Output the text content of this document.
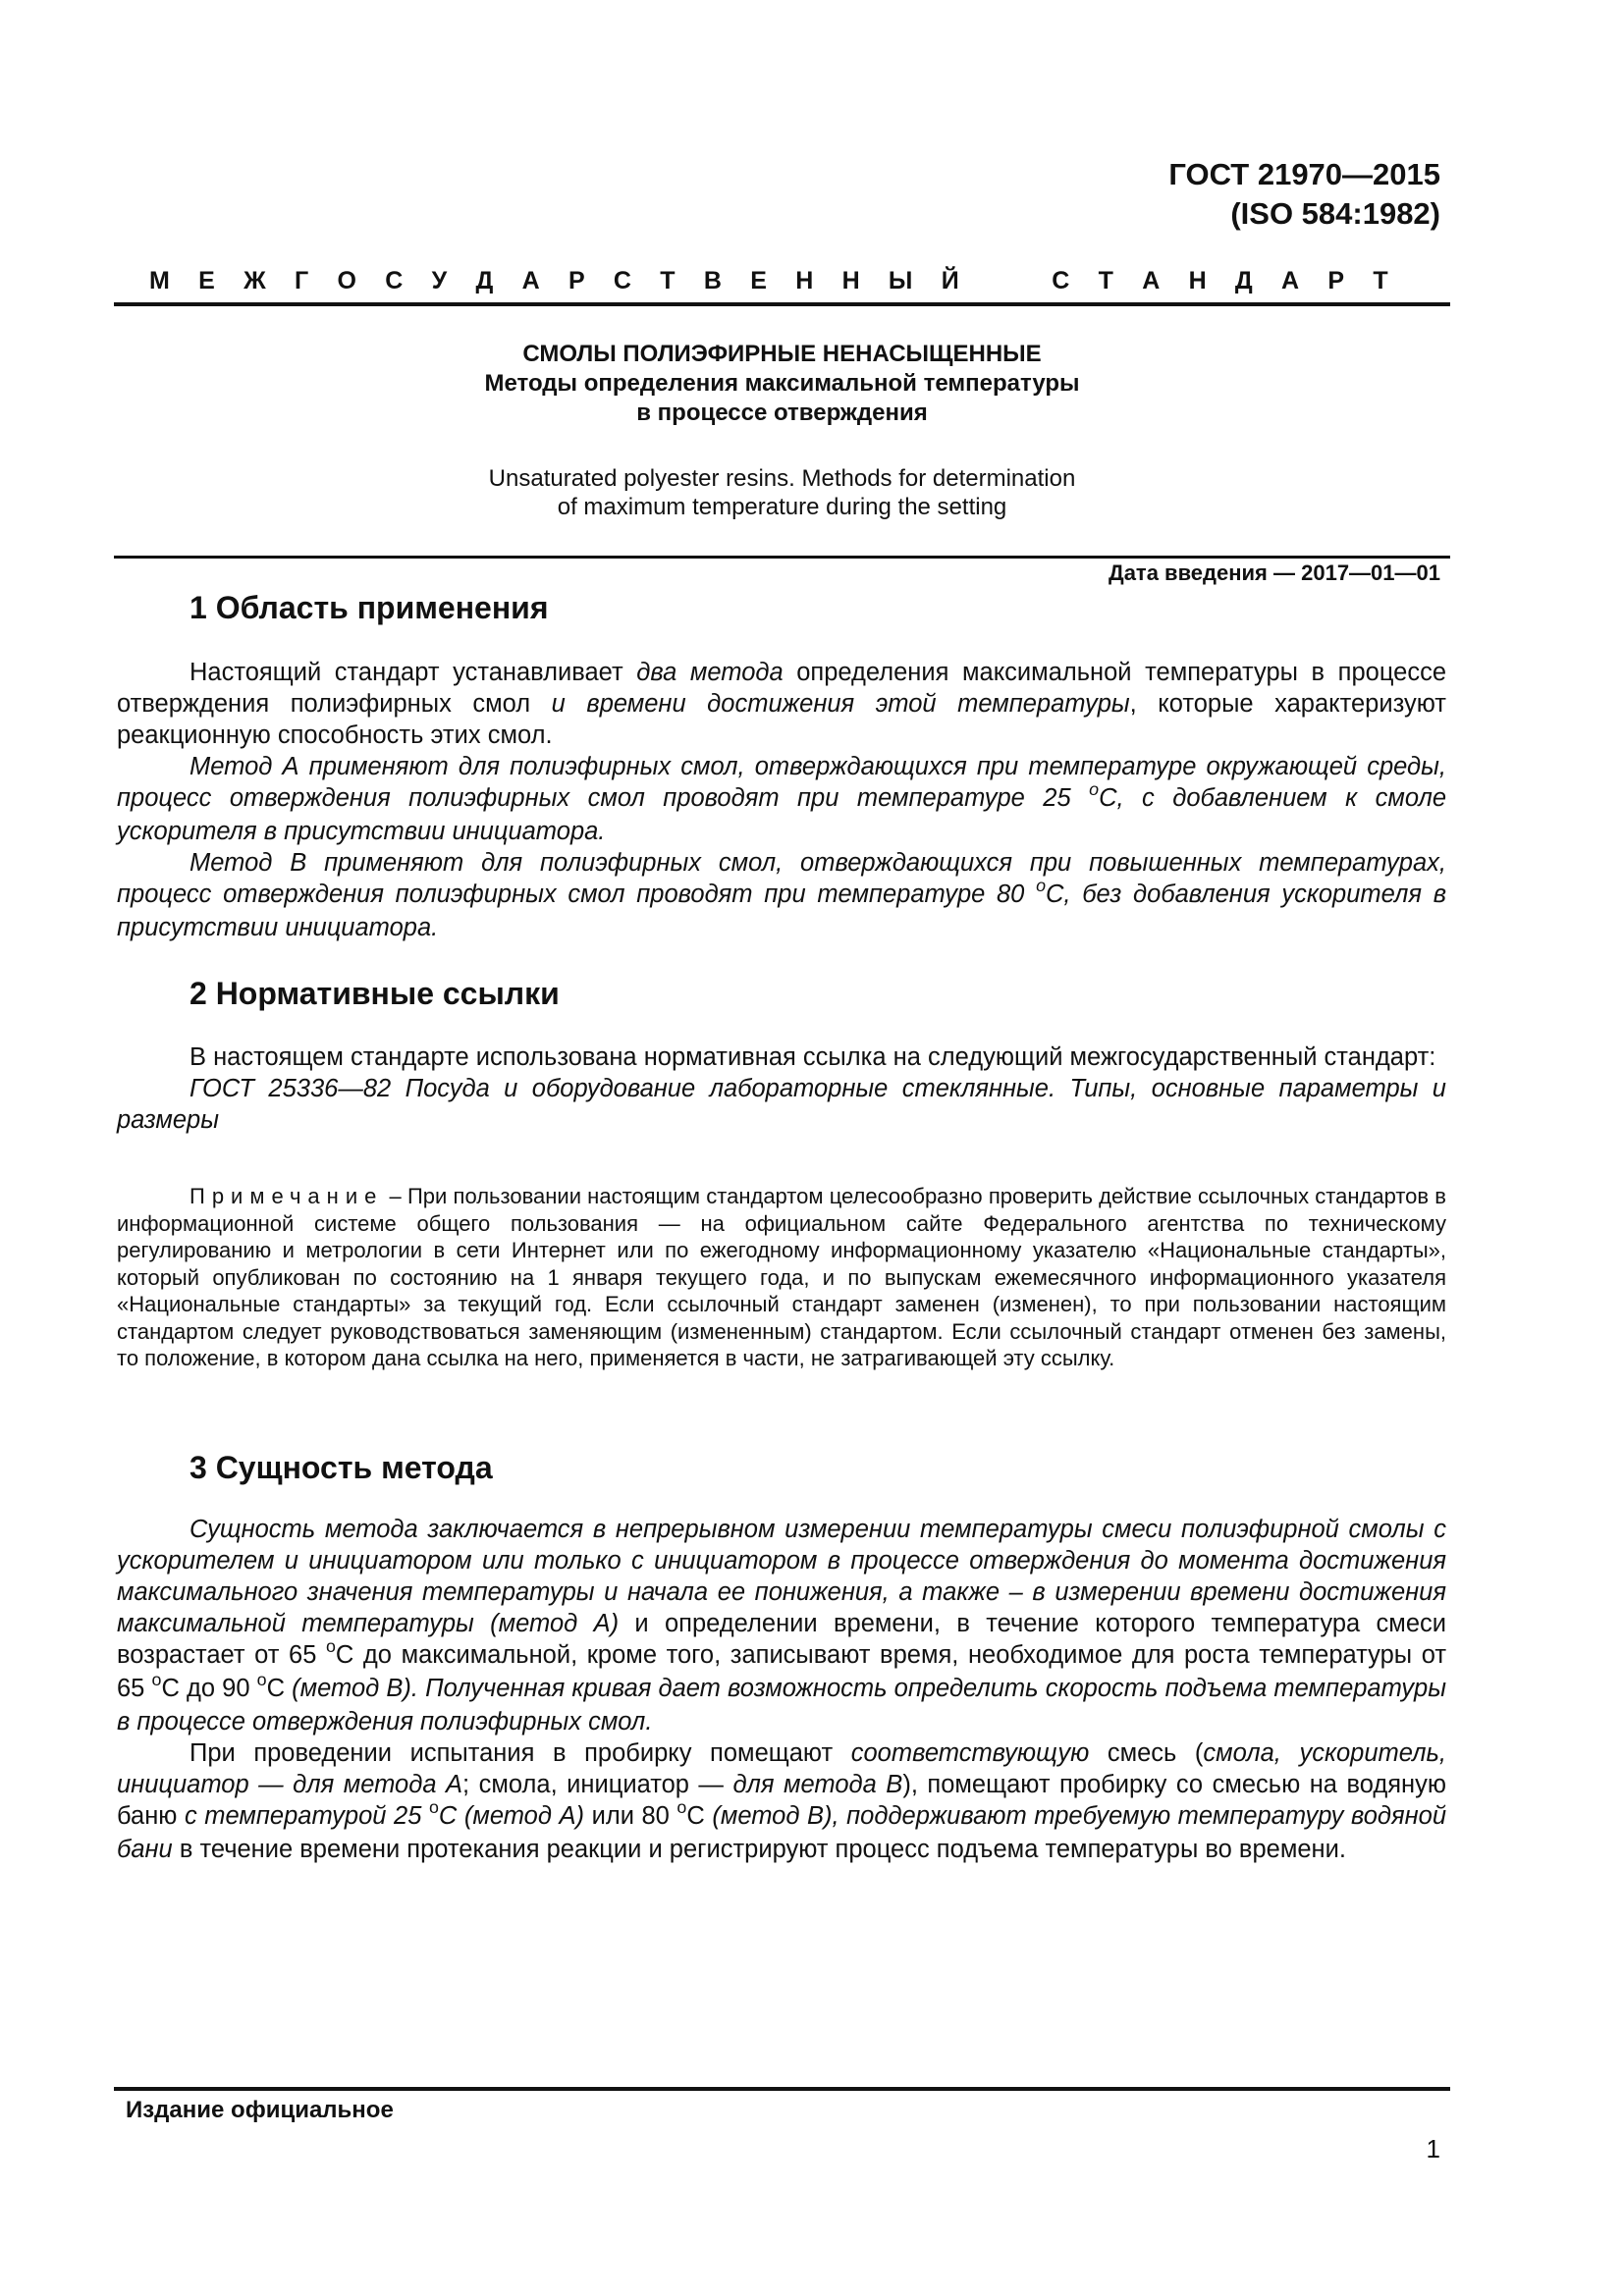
ГОСТ 21970—2015
(ISO 584:1982)
М Е Ж Г О С У Д А Р С Т В Е Н Н Ы Й	С Т А Н Д А Р Т
СМОЛЫ ПОЛИЭФИРНЫЕ НЕНАСЫЩЕННЫЕ
Методы определения максимальной температуры
в процессе отверждения
Unsaturated polyester resins. Methods for determination
of maximum temperature during the setting
Дата введения — 2017—01—01
1 Область применения

Настоящий стандарт устанавливает два метода определения максимальной температуры в процессе отверждения полиэфирных смол и времени достижения этой температуры, которые характеризуют реакционную способность этих смол.

Метод А применяют для полиэфирных смол, отверждающихся при температуре окружающей среды, процесс отверждения полиэфирных смол проводят при температуре 25 $^o$С, с добавлением к смоле ускорителя в присутствии инициатора.

Метод В применяют для полиэфирных смол, отверждающихся при повышенных температурах, процесс отверждения полиэфирных смол проводят при температуре 80 $^o$С, без добавления ускорителя в присутствии инициатора.

2 Нормативные ссылки

В настоящем стандарте использована нормативная ссылка на следующий межгосударственный стандарт:

ГОСТ 25336—82 Посуда и оборудование лабораторные стеклянные. Типы, основные параметры и размеры

Примечание – При пользовании настоящим стандартом целесообразно проверить действие ссылочных стандартов в информационной системе общего пользования — на официальном сайте Федерального агентства по техническому регулированию и метрологии в сети Интернет или по ежегодному информационному указателю «Национальные стандарты», который опубликован по состоянию на 1 января текущего года, и по выпускам ежемесячного информационного указателя «Национальные стандарты» за текущий год. Если ссылочный стандарт заменен (изменен), то при пользовании настоящим стандартом следует руководствоваться заменяющим (измененным) стандартом. Если ссылочный стандарт отменен без замены, то положение, в котором дана ссылка на него, применяется в части, не затрагивающей эту ссылку.

3 Сущность метода

Сущность метода заключается в непрерывном измерении температуры смеси полиэфирной смолы с ускорителем и инициатором или только с инициатором в процессе отверждения до момента достижения максимального значения температуры и начала ее понижения, а также – в измерении времени достижения максимальной температуры (метод А) и определении времени, в течение которого температура смеси возрастает от 65 $^o$С до максимальной, кроме того, записывают время, необходимое для роста температуры от 65 $^o$С до 90 $^o$С (метод В). Полученная кривая дает возможность определить скорость подъема температуры в процессе отверждения полиэфирных смол.

При проведении испытания в пробирку помещают соответствующую смесь (смола, ускоритель, инициатор — для метода А; смола, инициатор — для метода В), помещают пробирку со смесью на водяную баню с температурой 25 $^o$С (метод А) или 80 $^o$С (метод В), поддерживают требуемую температуру водяной бани в течение времени протекания реакции и регистрируют процесс подъема температуры во времени.

Издание официальное
1
